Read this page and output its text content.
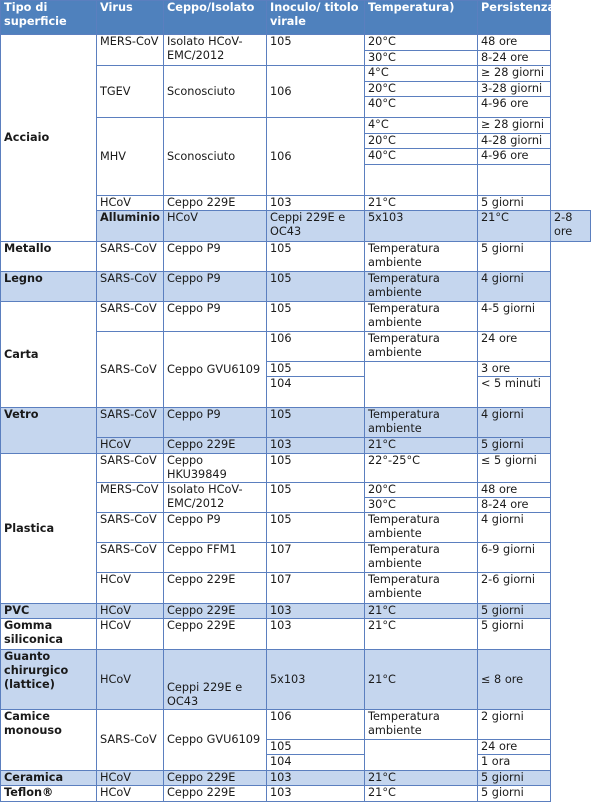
Tipo di superficie	Virus	Ceppo/Isolato	Inoculo/ titolo virale	Temperatura)	Persistenza	
Acciaio	MERS-CoV	Isolato HCoV-EMC/2012	105	20°C	48 ore	
				30°C	8-24 ore	
	TGEV	Sconosciuto	106	4°C	≥ 28 giorni	
				20°C	3-28 giorni	
				40°C	4-96 ore	
	MHV	Sconosciuto	106	4°C	≥ 28 giorni	
				20°C	4-28 giorni	
				40°C	4-96 ore	

	HCoV	Ceppo 229E	103	21°C	5 giorni	
	Alluminio	HCoV	Ceppi 229E e OC43	5x103	21°C	2-8 ore
Metallo	SARS-CoV	Ceppo P9	105	Temperatura ambiente	5 giorni	
Legno	SARS-CoV	Ceppo P9	105	Temperatura ambiente	4 giorni	
Carta	SARS-CoV	Ceppo P9	105	Temperatura ambiente	4-5 giorni	
	SARS-CoV	Ceppo GVU6109	106	Temperatura ambiente	24 ore	
			105		3 ore	
			104		< 5 minuti	
Vetro	SARS-CoV	Ceppo P9	105	Temperatura ambiente	4 giorni	
	HCoV	Ceppo 229E	103	21°C	5 giorni	
Plastica	SARS-CoV	Ceppo HKU39849	105	22°-25°C	≤ 5 giorni	
	MERS-CoV	Isolato HCoV-EMC/2012	105	20°C	48 ore	
				30°C	8-24 ore	
	SARS-CoV	Ceppo P9	105	Temperatura ambiente	4 giorni	
	SARS-CoV	Ceppo FFM1	107	Temperatura ambiente	6-9 giorni	
	HCoV	Ceppo 229E	107	Temperatura ambiente	2-6 giorni	
PVC	HCoV	Ceppo 229E	103	21°C	5 giorni	
Gomma siliconica	HCoV	Ceppo 229E	103	21°C	5 giorni	
Guanto chirurgico (lattice)	HCoV	Ceppi 229E e OC43	5x103	21°C	≤ 8 ore	
Camice monouso	SARS-CoV	Ceppo GVU6109	106	Temperatura ambiente	2 giorni	
			105		24 ore	
			104		1 ora	
Ceramica	HCoV	Ceppo 229E	103	21°C	5 giorni	
Teflon®	HCoV	Ceppo 229E	103	21°C	5 giorni	
